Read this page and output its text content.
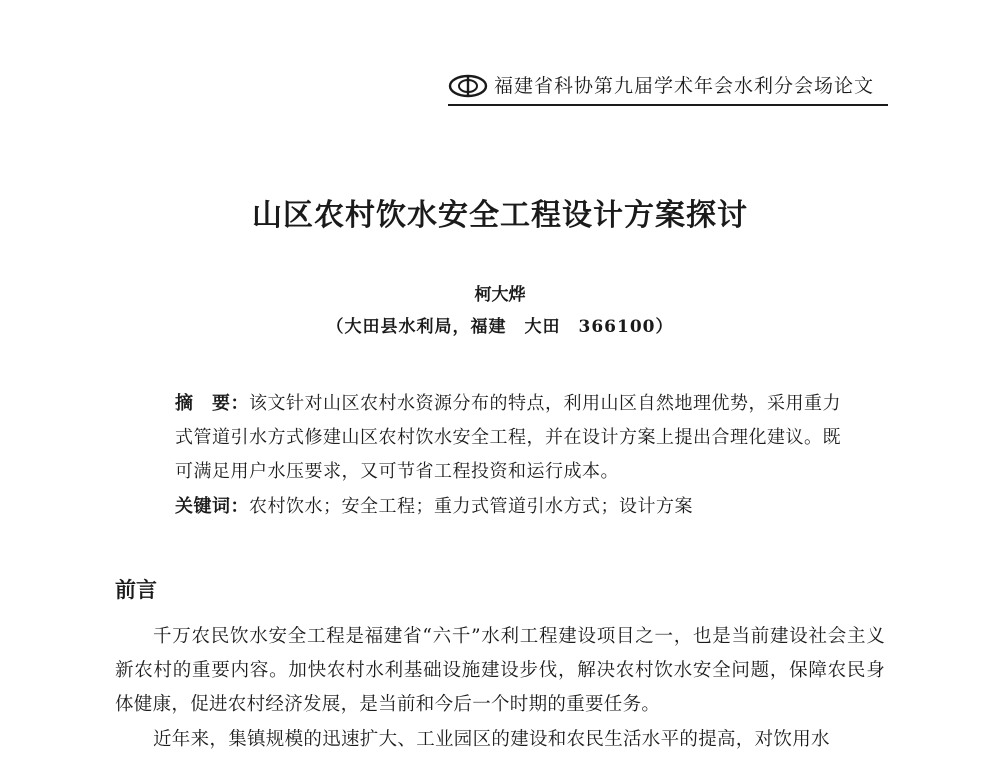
福建省科协第九届学术年会水利分会场论文
山区农村饮水安全工程设计方案探讨
柯大烨
（大田县水利局，福建　大田　366100）
摘　要：该文针对山区农村水资源分布的特点，利用山区自然地理优势，采用重力式管道引水方式修建山区农村饮水安全工程，并在设计方案上提出合理化建议。既可满足用户水压要求，又可节省工程投资和运行成本。
关键词：农村饮水；安全工程；重力式管道引水方式；设计方案
前言
千万农民饮水安全工程是福建省“六千”水利工程建设项目之一，也是当前建设社会主义新农村的重要内容。加快农村水利基础设施建设步伐，解决农村饮水安全问题，保障农民身体健康，促进农村经济发展，是当前和今后一个时期的重要任务。
近年来，集镇规模的迅速扩大、工业园区的建设和农民生活水平的提高，对饮用水
